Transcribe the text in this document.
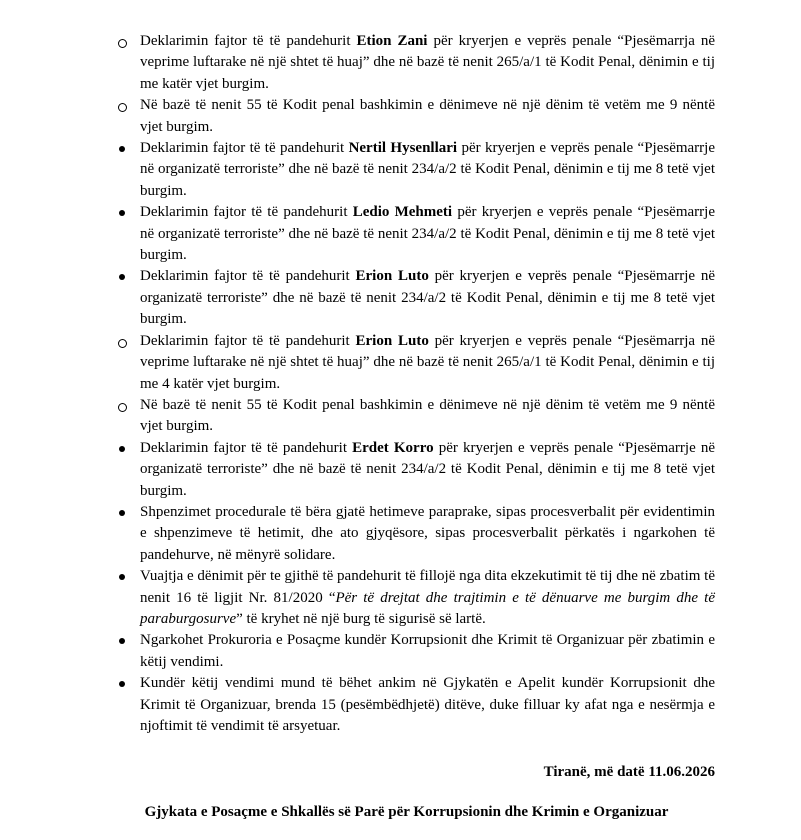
Deklarimin fajtor të të pandehurit Etion Zani për kryerjen e veprës penale “Pjesëmarrja në veprime luftarake në një shtet të huaj” dhe në bazë të nenit 265/a/1 të Kodit Penal, dënimin e tij me katër vjet burgim.

Në bazë të nenit 55 të Kodit penal bashkimin e dënimeve në një dënim të vetëm me 9 nëntë vjet burgim.

Deklarimin fajtor të të pandehurit Nertil Hysenllari për kryerjen e veprës penale “Pjesëmarrje në organizatë terroriste” dhe në bazë të nenit 234/a/2 të Kodit Penal, dënimin e tij me 8 tetë vjet burgim.

Deklarimin fajtor të të pandehurit Ledio Mehmeti për kryerjen e veprës penale “Pjesëmarrje në organizatë terroriste” dhe në bazë të nenit 234/a/2 të Kodit Penal, dënimin e tij me 8 tetë vjet burgim.

Deklarimin fajtor të të pandehurit Erion Luto për kryerjen e veprës penale “Pjesëmarrje në organizatë terroriste” dhe në bazë të nenit 234/a/2 të Kodit Penal, dënimin e tij me 8 tetë vjet burgim.

Deklarimin fajtor të të pandehurit Erion Luto për kryerjen e veprës penale “Pjesëmarrja në veprime luftarake në një shtet të huaj” dhe në bazë të nenit 265/a/1 të Kodit Penal, dënimin e tij me 4 katër vjet burgim.

Në bazë të nenit 55 të Kodit penal bashkimin e dënimeve në një dënim të vetëm me 9 nëntë vjet burgim.

Deklarimin fajtor të të pandehurit Erdet Korro për kryerjen e veprës penale “Pjesëmarrje në organizatë terroriste” dhe në bazë të nenit 234/a/2 të Kodit Penal, dënimin e tij me 8 tetë vjet burgim.

Shpenzimet procedurale të bëra gjatë hetimeve paraprake, sipas procesverbalit për evidentimin e shpenzimeve të hetimit, dhe ato gjyqësore, sipas procesverbalit përkatës i ngarkohen të pandehurve, në mënyrë solidare.

Vuajtja e dënimit për te gjithë të pandehurit të fillojë nga dita ekzekutimit të tij dhe në zbatim të nenit 16 të ligjit Nr. 81/2020 “Për të drejtat dhe trajtimin e të dënuarve me burgim dhe të paraburgosurve” të kryhet në një burg të sigurisë së lartë.

Ngarkohet Prokuroria e Posaçme kundër Korrupsionit dhe Krimit të Organizuar për zbatimin e këtij vendimi.

Kundër këtij vendimi mund të bëhet ankim në Gjykatën e Apelit kundër Korrupsionit dhe Krimit të Organizuar, brenda 15 (pesëmbëdhjetë) ditëve, duke filluar ky afat nga e nesërmja e njoftimit të vendimit të arsyetuar.

Tiranë, më datë 11.06.2026
Gjykata e Posaçme e Shkallës së Parë për Korrupsionin dhe Krimin e Organizuar
